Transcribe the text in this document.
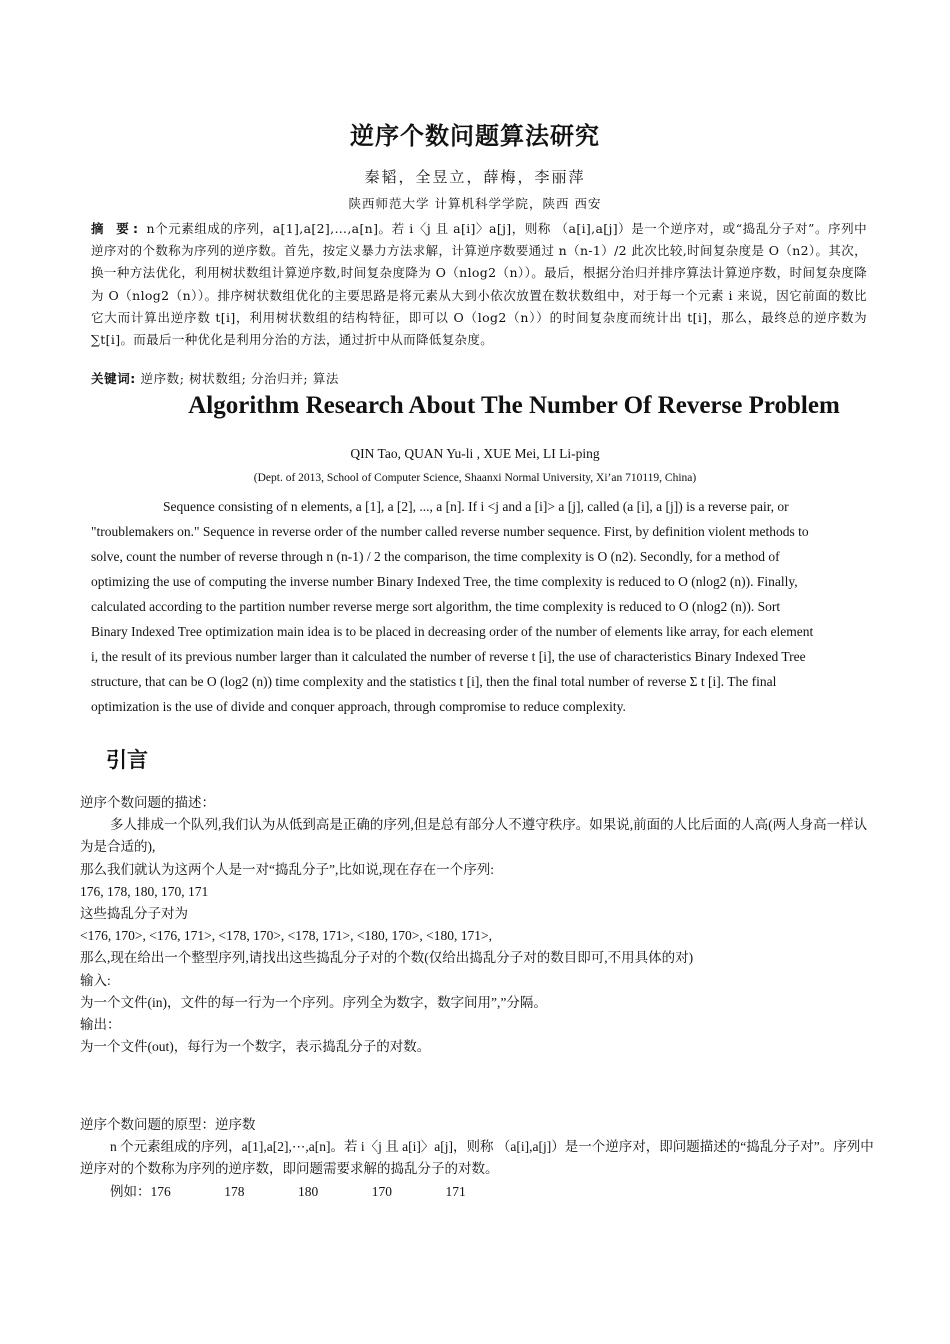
逆序个数问题算法研究
秦韬，全昱立，薛梅，李丽萍
陕西师范大学 计算机科学学院，陕西 西安
摘 要: n个元素组成的序列，a[1],a[2],…,a[n]。若 i〈j 且 a[i]〉a[j]，则称 （a[i],a[j]）是一个逆序对，或“捣乱分子对”。序列中逆序对的个数称为序列的逆序数。首先，按定义暴力方法求解，计算逆序数要通过 n（n-1）/2 此次比较,时间复杂度是 O（n2）。其次，换一种方法优化，利用树状数组计算逆序数,时间复杂度降为 O（nlog2（n））。最后，根据分治归并排序算法计算逆序数，时间复杂度降为 O（nlog2（n））。排序树状数组优化的主要思路是将元素从大到小依次放置在数状数组中，对于每一个元素 i 来说，因它前面的数比它大而计算出逆序数 t[i]，利用树状数组的结构特征，即可以 O（log2（n））的时间复杂度而统计出 t[i]，那么，最终总的逆序数为∑t[i]。而最后一种优化是利用分治的方法，通过折中从而降低复杂度。
关键词: 逆序数; 树状数组; 分治归并; 算法
Algorithm Research About The Number Of Reverse Problem
QIN Tao, QUAN Yu-li , XUE Mei, LI Li-ping
(Dept. of 2013, School of Computer Science, Shaanxi Normal University, Xi’an 710119, China)
Sequence consisting of n elements, a [1], a [2], ..., a [n]. If i <j and a [i]> a [j], called (a [i], a [j]) is a reverse pair, or
"troublemakers on." Sequence in reverse order of the number called reverse number sequence. First, by definition violent methods to
solve, count the number of reverse through n (n-1) / 2 the comparison, the time complexity is O (n2). Secondly, for a method of
optimizing the use of computing the inverse number Binary Indexed Tree, the time complexity is reduced to O (nlog2 (n)). Finally,
calculated according to the partition number reverse merge sort algorithm, the time complexity is reduced to O (nlog2 (n)). Sort
Binary Indexed Tree optimization main idea is to be placed in decreasing order of the number of elements like array, for each element
i, the result of its previous number larger than it calculated the number of reverse t [i], the use of characteristics Binary Indexed Tree
structure, that can be O (log2 (n)) time complexity and the statistics t [i], then the final total number of reverse Σ t [i]. The final
optimization is the use of divide and conquer approach, through compromise to reduce complexity.
引言

逆序个数问题的描述：

多人排成一个队列,我们认为从低到高是正确的序列,但是总有部分人不遵守秩序。如果说,前面的人比后面的人高(两人身高一样认为是合适的),

那么我们就认为这两个人是一对“捣乱分子”,比如说,现在存在一个序列:

176, 178, 180, 170, 171

这些捣乱分子对为

<176, 170>, <176, 171>, <178, 170>, <178, 171>, <180, 170>, <180, 171>,

那么,现在给出一个整型序列,请找出这些捣乱分子对的个数(仅给出捣乱分子对的数目即可,不用具体的对)

输入:

为一个文件(in)，文件的每一行为一个序列。序列全为数字，数字间用”,”分隔。

输出：

为一个文件(out)，每行为一个数字，表示捣乱分子的对数。

逆序个数问题的原型：逆序数

n 个元素组成的序列，a[1],a[2],⋯,a[n]。若 i〈j 且 a[i]〉a[j]，则称 （a[i],a[j]）是一个逆序对，即问题描述的“捣乱分子对”。序列中逆序对的个数称为序列的逆序数，即问题需要求解的捣乱分子的对数。

例如：176    178    180    170    171
